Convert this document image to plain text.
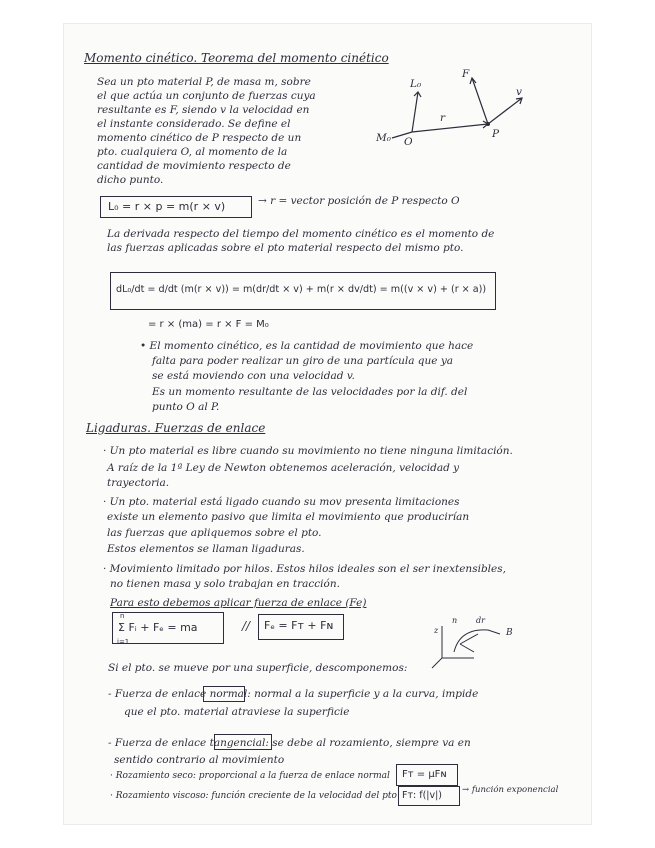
Momento cinético. Teorema del momento cinético
Sea un pto material P, de masa m, sobre
el que actúa un conjunto de fuerzas cuya
resultante es F, siendo v la velocidad en
el instante considerado. Se define el
momento cinético de P respecto de un
pto. cualquiera O, al momento de la
cantidad de movimiento respecto de
dicho punto.
L₀
F
v
r
P
O
M₀
L₀ = r × p = m(r × v)	→ r = vector posición de P respecto O
La derivada respecto del tiempo del momento cinético es el momento de
las fuerzas aplicadas sobre el pto material respecto del mismo pto.
dL₀/dt = d/dt (m(r × v)) = m(dr/dt × v) + m(r × dv/dt) = m((v × v) + (r × a))
= r × (ma) = r × F = M₀
• El momento cinético, es la cantidad de movimiento que hace
falta para poder realizar un giro de una partícula que ya
se está moviendo con una velocidad v.
Es un momento resultante de las velocidades por la dif. del
punto O al P.
Ligaduras. Fuerzas de enlace
· Un pto material es libre cuando su movimiento no tiene ninguna limitación.
A raíz de la 1ª Ley de Newton obtenemos aceleración, velocidad y
trayectoria.
· Un pto. material está ligado cuando su mov presenta limitaciones
existe un elemento pasivo que limita el movimiento que producirían
las fuerzas que apliquemos sobre el pto.
Estos elementos se llaman ligaduras.
· Movimiento limitado por hilos. Estos hilos ideales son el ser inextensibles,
no tienen masa y solo trabajan en tracción.
Para esto debemos aplicar fuerza de enlace (Fe)
n
Σ Fᵢ + Fₑ = ma
i=1
// Fₑ = Fᴛ + Fɴ	z
n dr
B
Si el pto. se mueve por una superficie, descomponemos:
- Fuerza de enlace normal: normal a la superficie y a la curva, impide
que el pto. material atraviese la superficie
- Fuerza de enlace tangencial: se debe al rozamiento, siempre va en
sentido contrario al movimiento
· Rozamiento seco: proporcional a la fuerza de enlace normal Fᴛ = μFɴ
· Rozamiento viscoso: función creciente de la velocidad del pto Fᴛ: f(|v|) → función exponencial
